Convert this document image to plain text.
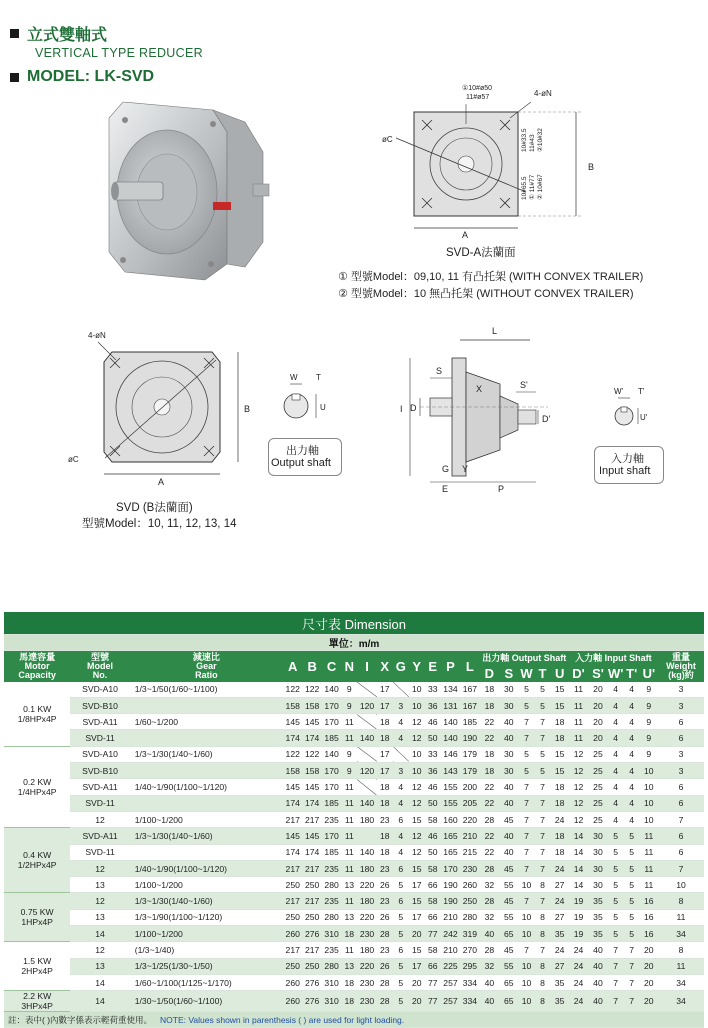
立式雙軸式
VERTICAL TYPE REDUCER
MODEL: LK-SVD
①10#ø50
11#ø57	4-øN
øC
A
B
10#33.5 11#43 ②10#32
10#65.5 ① 11#77 ② 10#67
SVD-A法蘭面
① 型號Model：09,10, 11 有凸托架 (WITH CONVEX TRAILER)
② 型號Model：10 無凸托架 (WITHOUT CONVEX TRAILER)
4-øN
øC
A
B
SVD (B法蘭面)
型號Model：10, 11, 12, 13, 14
W T
U
出力軸
Output shaft
L
S
X	S'
I D
D'
G Y
E	P
W' T'
U'
入力軸
Input shaft
尺寸表 Dimension																								
單位：m/m																								
馬達容量
Motor
Capacity	型號
Model
No.	減速比
Gear
Ratio	A	B	C	N	I	X	G	Y	E	P	L	出力軸 Output Shaft					入力軸 Input Shaft					重量
Weight
(kg)約
														D	S	W	T	U	D'	S'	W'	T'	U'	
0.1 KW
1/8HPx4P	SVD-A10	1/3~1/50(1/60~1/100)	122	122	140	9		17		10	33	134	167	18	30	5	5	15	11	20	4	4	9	3
	SVD-B10		158	158	170	9	120	17	3	10	36	131	167	18	30	5	5	15	11	20	4	4	9	3
	SVD-A11	1/60~1/200	145	145	170	11		18	4	12	46	140	185	22	40	7	7	18	11	20	4	4	9	6
	SVD-11		174	174	185	11	140	18	4	12	50	140	190	22	40	7	7	18	11	20	4	4	9	6
0.2 KW
1/4HPx4P	SVD-A10	1/3~1/30(1/40~1/60)	122	122	140	9		17		10	33	146	179	18	30	5	5	15	12	25	4	4	9	3
	SVD-B10		158	158	170	9	120	17	3	10	36	143	179	18	30	5	5	15	12	25	4	4	10	3
	SVD-A11	1/40~1/90(1/100~1/120)	145	145	170	11		18	4	12	46	155	200	22	40	7	7	18	12	25	4	4	10	6
	SVD-11		174	174	185	11	140	18	4	12	50	155	205	22	40	7	7	18	12	25	4	4	10	6
	12	1/100~1/200	217	217	235	11	180	23	6	15	58	160	220	28	45	7	7	24	12	25	4	4	10	7
0.4 KW
1/2HPx4P	SVD-A11	1/3~1/30(1/40~1/60)	145	145	170	11		18	4	12	46	165	210	22	40	7	7	18	14	30	5	5	11	6
	SVD-11		174	174	185	11	140	18	4	12	50	165	215	22	40	7	7	18	14	30	5	5	11	6
	12	1/40~1/90(1/100~1/120)	217	217	235	11	180	23	6	15	58	170	230	28	45	7	7	24	14	30	5	5	11	7
	13	1/100~1/200	250	250	280	13	220	26	5	17	66	190	260	32	55	10	8	27	14	30	5	5	11	10
0.75 KW
1HPx4P	12	1/3~1/30(1/40~1/60)	217	217	235	11	180	23	6	15	58	190	250	28	45	7	7	24	19	35	5	5	16	8
	13	1/3~1/90(1/100~1/120)	250	250	280	13	220	26	5	17	66	210	280	32	55	10	8	27	19	35	5	5	16	11
	14	1/100~1/200	260	276	310	18	230	28	5	20	77	242	319	40	65	10	8	35	19	35	5	5	16	34
1.5 KW
2HPx4P	12	(1/3~1/40)	217	217	235	11	180	23	6	15	58	210	270	28	45	7	7	24	24	40	7	7	20	8
	13	1/3~1/25(1/30~1/50)	250	250	280	13	220	26	5	17	66	225	295	32	55	10	8	27	24	40	7	7	20	11
	14	1/60~1/100(1/125~1/170)	260	276	310	18	230	28	5	20	77	257	334	40	65	10	8	35	24	40	7	7	20	34
2.2 KW
3HPx4P	14	1/30~1/50(1/60~1/100)	260	276	310	18	230	28	5	20	77	257	334	40	65	10	8	35	24	40	7	7	20	34
註：表中( )內數字係表示輕荷重使用。 NOTE: Values shown in parenthesis ( ) are used for light loading.																								
